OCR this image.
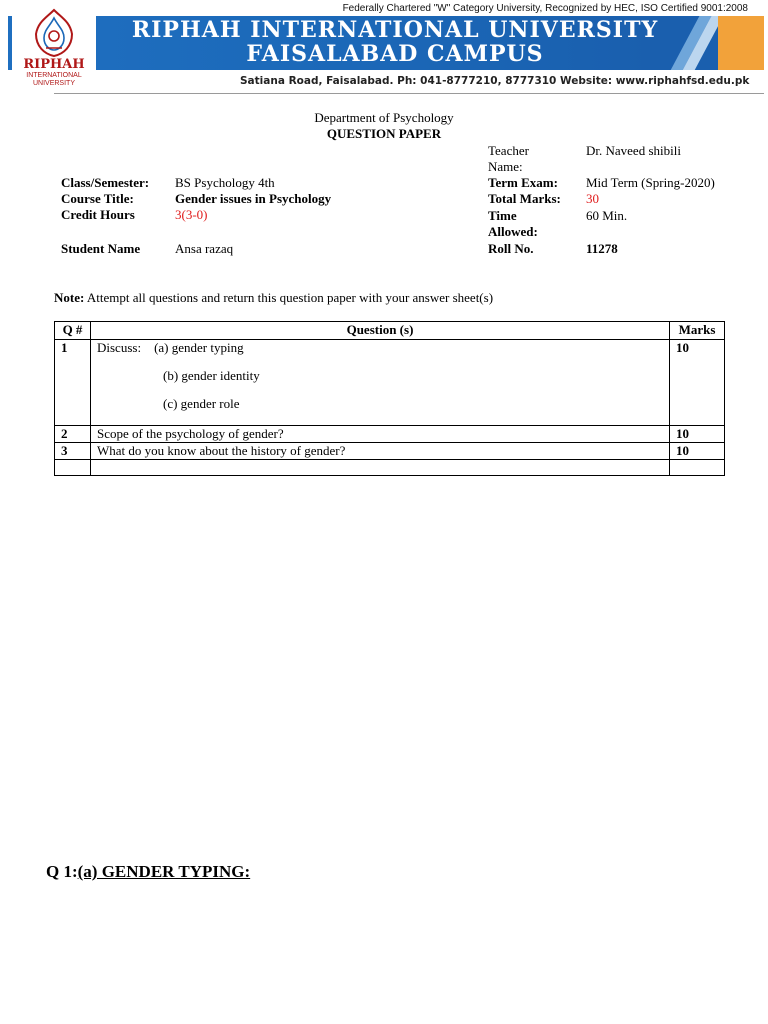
Federally Chartered "W" Category University, Recognized by HEC, ISO Certified 9001:2008
RIPHAH INTERNATIONAL UNIVERSITY
FAISALABAD CAMPUS
RIPHAH
INTERNATIONAL
UNIVERSITY	Satiana Road, Faisalabad. Ph: 041-8777210, 8777310 Website: www.riphahfsd.edu.pk
Department of Psychology
QUESTION PAPER
Class/Semester: BS Psychology 4th
Course Title:	Gender issues in Psychology
Credit Hours	3(3-0)
Student Name	Ansa razaq
Teacher
Name:
Dr. Naveed shibili
Term Exam: Mid Term (Spring-2020)
Total Marks: 30
Time
Allowed:
60 Min.
Roll No.	11278
Note: Attempt all questions and return this question paper with your answer sheet(s)
Q #	Question (s)	Marks
1	Discuss: (a) gender typing
(b) gender identity
(c) gender role	10
2	Scope of the psychology of gender?	10
3	What do you know about the history of gender?	10

Q 1:(a) GENDER TYPING:
